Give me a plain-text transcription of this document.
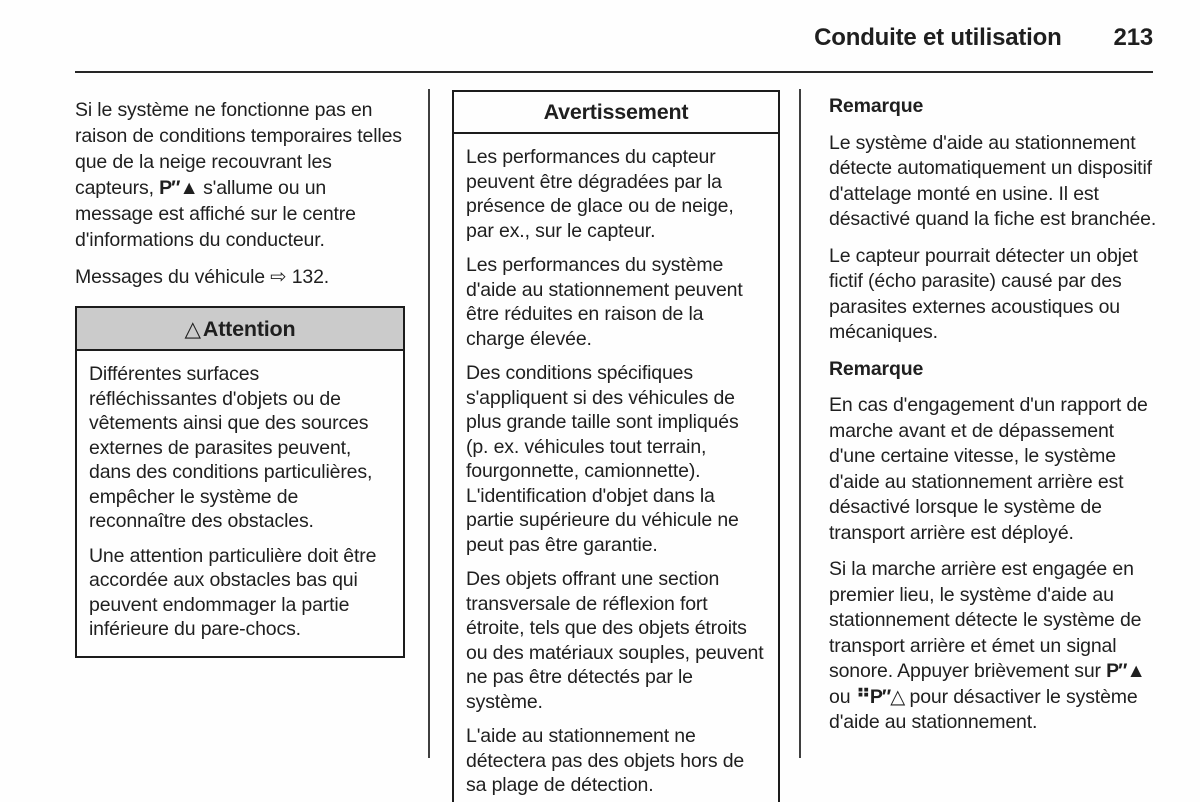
Conduite et utilisation 213

Si le système ne fonctionne pas en raison de conditions temporaires telles que de la neige recouvrant les capteurs, P″▲ s'allume ou un message est affiché sur le centre d'informations du conducteur.

Messages du véhicule ⇨ 132.

△Attention

Différentes surfaces réfléchissantes d'objets ou de vêtements ainsi que des sources externes de parasites peuvent, dans des conditions particulières, empêcher le système de reconnaître des obstacles.

Une attention particulière doit être accordée aux obstacles bas qui peuvent endommager la partie inférieure du pare-chocs.

Avertissement

Les performances du capteur peuvent être dégradées par la présence de glace ou de neige, par ex., sur le capteur.

Les performances du système d'aide au stationnement peuvent être réduites en raison de la charge élevée.

Des conditions spécifiques s'appliquent si des véhicules de plus grande taille sont impliqués (p. ex. véhicules tout terrain, fourgonnette, camionnette). L'identification d'objet dans la partie supérieure du véhicule ne peut pas être garantie.

Des objets offrant une section transversale de réflexion fort étroite, tels que des objets étroits ou des matériaux souples, peuvent ne pas être détectés par le système.

L'aide au stationnement ne détectera pas des objets hors de sa plage de détection.

Remarque

Le système d'aide au stationnement détecte automatiquement un dispositif d'attelage monté en usine. Il est désactivé quand la fiche est branchée.

Le capteur pourrait détecter un objet fictif (écho parasite) causé par des parasites externes acoustiques ou mécaniques.

Remarque

En cas d'engagement d'un rapport de marche avant et de dépassement d'une certaine vitesse, le système d'aide au stationnement arrière est désactivé lorsque le système de transport arrière est déployé.

Si la marche arrière est engagée en premier lieu, le système d'aide au stationnement détecte le système de transport arrière et émet un signal sonore. Appuyer brièvement sur P″▲ ou ⠛P″△ pour désactiver le système d'aide au stationnement.
